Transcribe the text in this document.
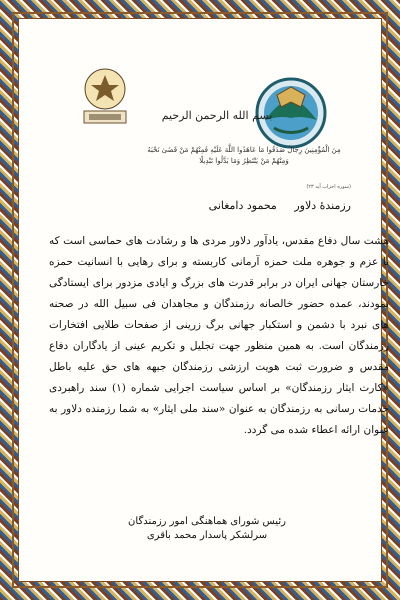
بسم الله الرحمن الرحيم
مِنَ الْمُؤْمِنِينَ رِجَالٌ صَدَقُوا مَا عَاهَدُوا اللَّهَ عَلَيْهِ فَمِنْهُمْ مَنْ قَضَىٰ نَحْبَهُ وَمِنْهُمْ مَنْ يَنْتَظِرُ وَمَا بَدَّلُوا تَبْدِيلًا
(سوره احزاب آیه ۲۳)
رزمندهٔ دلاور محمود دامغانی
هشت سال دفاع مقدس، یادآور دلاور مردی ها و رشادت های حماسی است که با عزم و جوهره ملت حمزه آرمانی کاربسته و برای رهایی با انسانیت حمزه خارستان جهانی ایران در برابر قدرت های بزرگ و ایادی مزدور برای ایستادگی نمودند، عمده حضور خالصانه رزمندگان و مجاهدان فی سبیل الله در صحنه های نبرد با دشمن و استکبار جهانی برگ زرینی از صفحات طلایی افتخارات رزمندگان است. به همین منظور جهت تجلیل و تکریم عینی از یادگاران دفاع مقدس و ضرورت ثبت هویت ارزشی رزمندگان جبهه های حق علیه باطل «کارت ایثار رزمندگان» بر اساس سیاست اجرایی شماره (۱) سند راهبردی خدمات رسانی به رزمندگان به عنوان «سند ملی ایثار» به شما رزمنده دلاور به عنوان ارائه اعطاء شده می گردد.
رئیس شورای هماهنگی امور رزمندگان
سرلشکر پاسدار محمد باقری
